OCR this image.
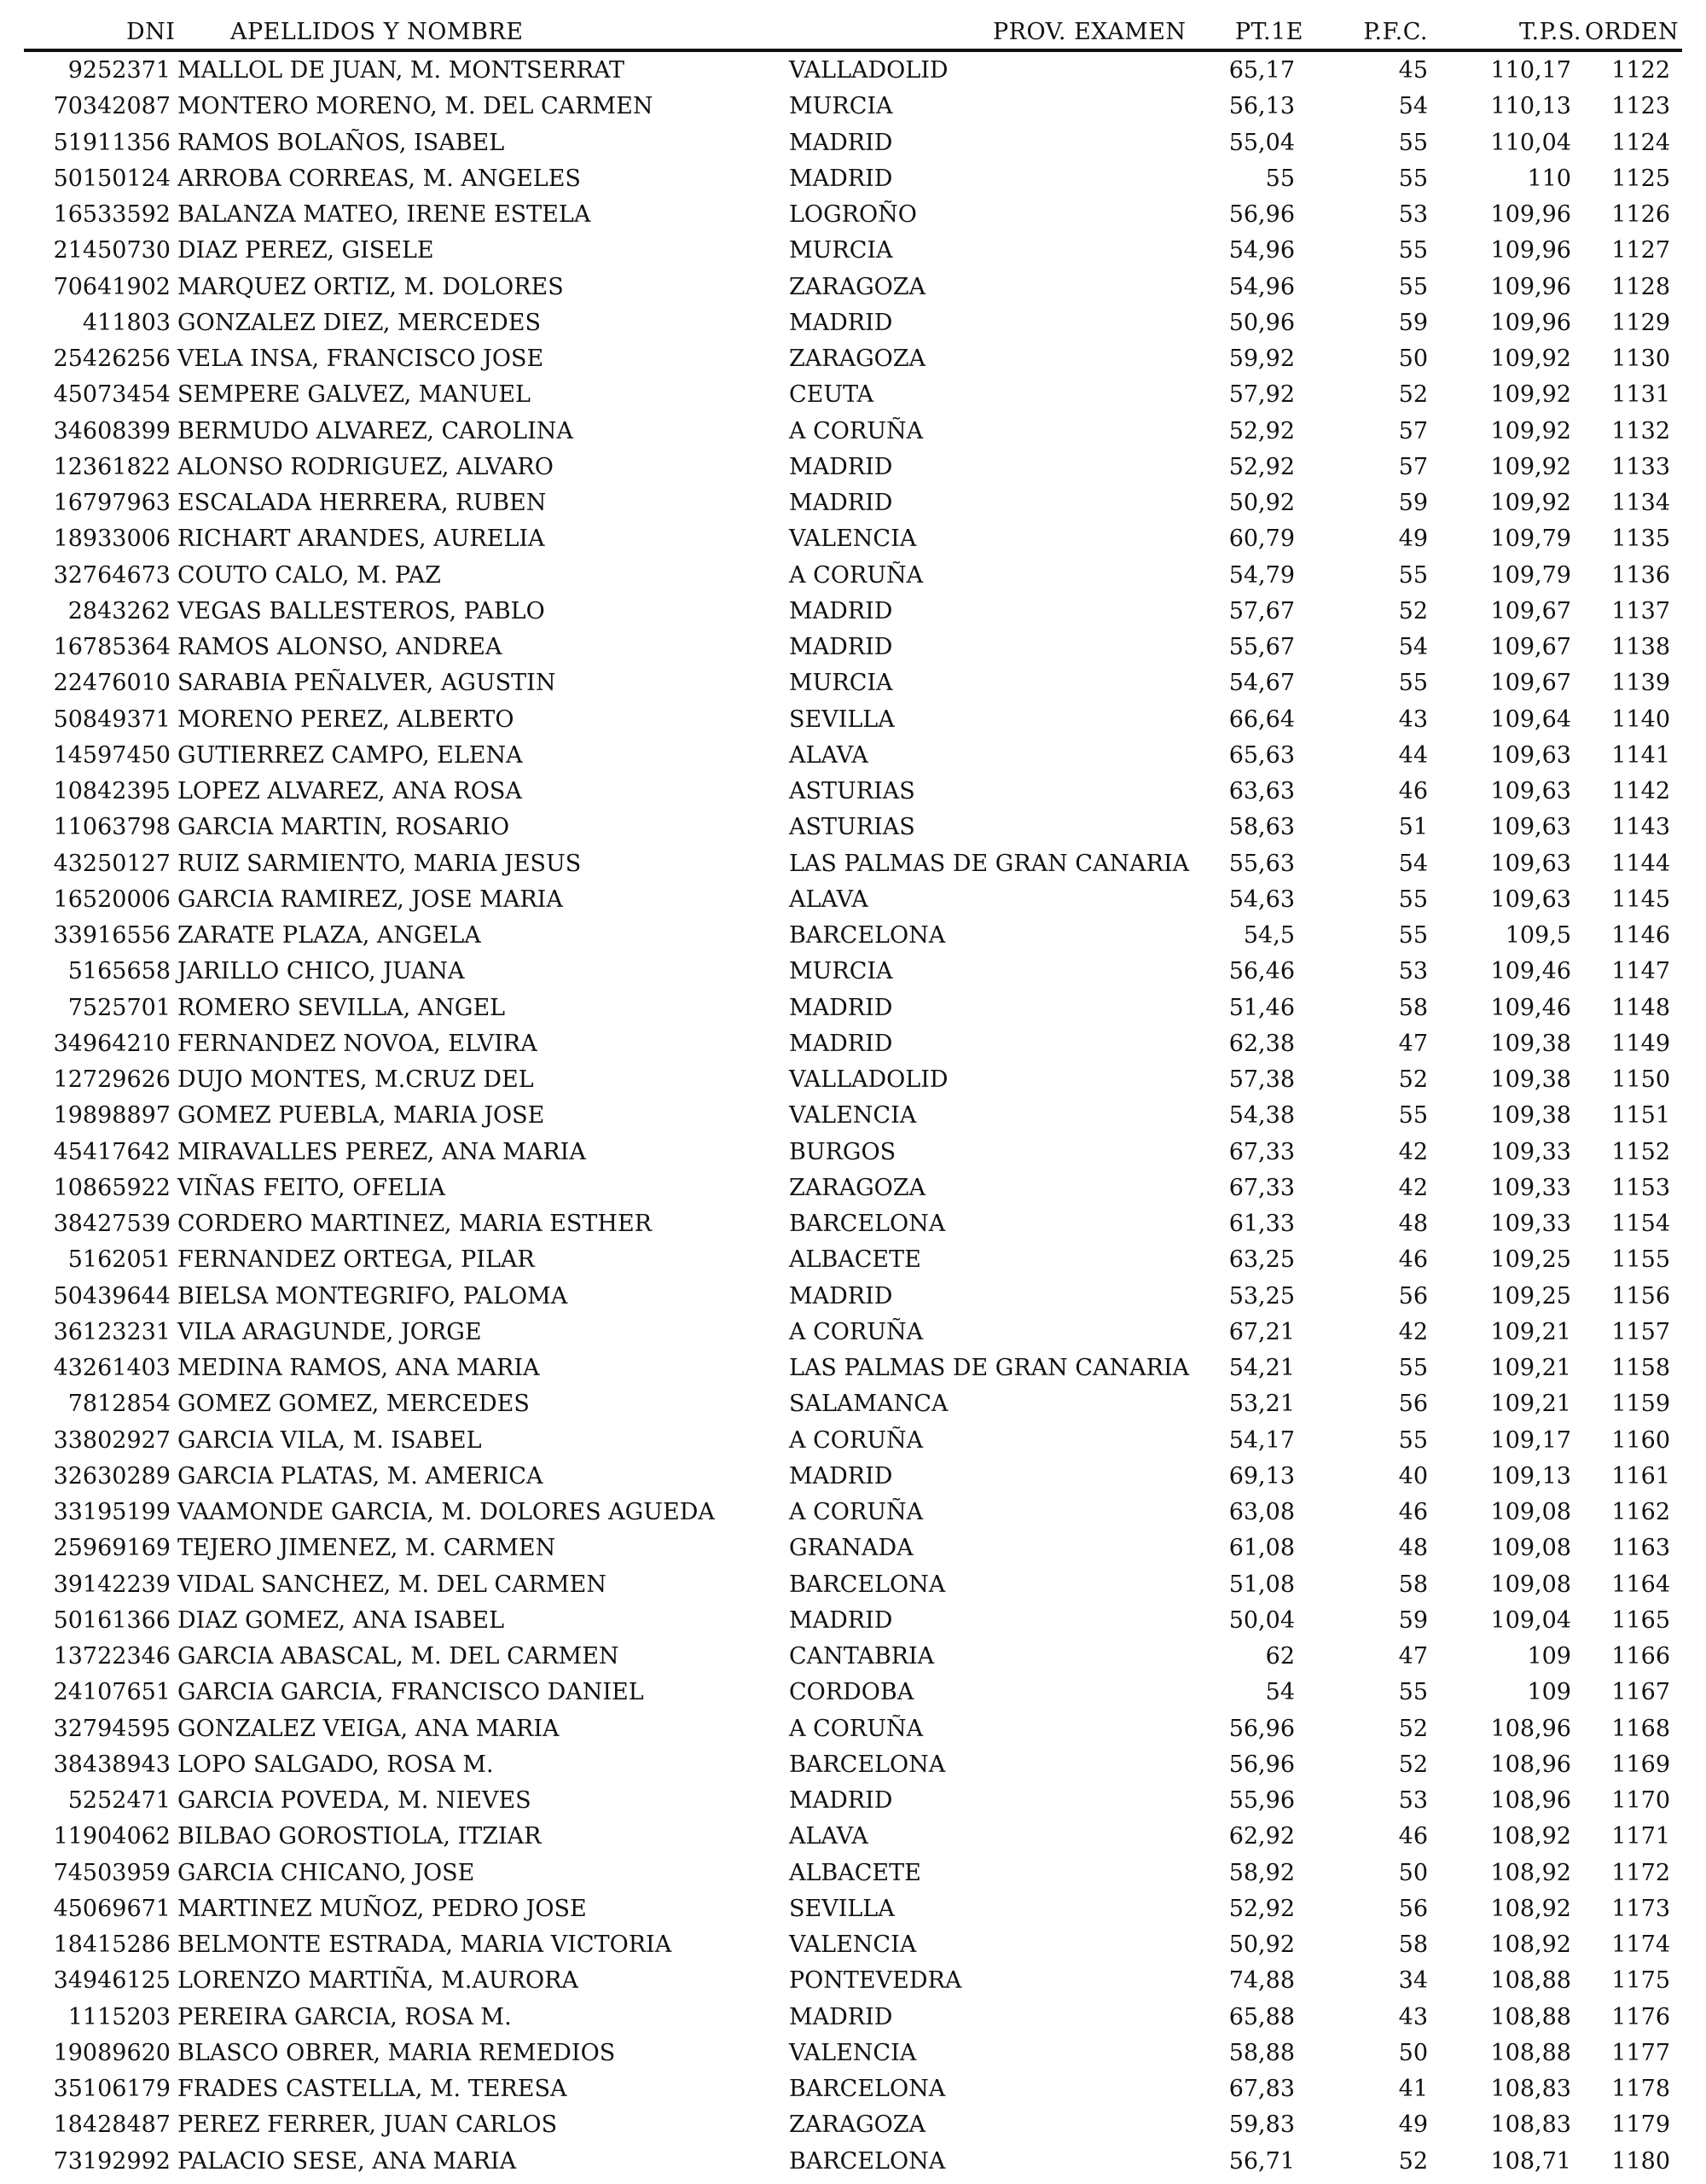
DNI APELLIDOS Y NOMBRE	PROV. EXAMEN	PT.1E	P.F.C.	T.P.S. ORDEN
9252371 MALLOL DE JUAN, M. MONTSERRAT	VALLADOLID	65,17	45	110,17	1122
70342087 MONTERO MORENO, M. DEL CARMEN	MURCIA	56,13	54	110,13	1123
51911356 RAMOS BOLAÑOS, ISABEL	MADRID	55,04	55	110,04	1124
50150124 ARROBA CORREAS, M. ANGELES	MADRID	55	55	110	1125
16533592 BALANZA MATEO, IRENE ESTELA	LOGROÑO	56,96	53	109,96	1126
21450730 DIAZ PEREZ, GISELE	MURCIA	54,96	55	109,96	1127
70641902 MARQUEZ ORTIZ, M. DOLORES	ZARAGOZA	54,96	55	109,96	1128
411803 GONZALEZ DIEZ, MERCEDES	MADRID	50,96	59	109,96	1129
25426256 VELA INSA, FRANCISCO JOSE	ZARAGOZA	59,92	50	109,92	1130
45073454 SEMPERE GALVEZ, MANUEL	CEUTA	57,92	52	109,92	1131
34608399 BERMUDO ALVAREZ, CAROLINA	A CORUÑA	52,92	57	109,92	1132
12361822 ALONSO RODRIGUEZ, ALVARO	MADRID	52,92	57	109,92	1133
16797963 ESCALADA HERRERA, RUBEN	MADRID	50,92	59	109,92	1134
18933006 RICHART ARANDES, AURELIA	VALENCIA	60,79	49	109,79	1135
32764673 COUTO CALO, M. PAZ	A CORUÑA	54,79	55	109,79	1136
2843262 VEGAS BALLESTEROS, PABLO	MADRID	57,67	52	109,67	1137
16785364 RAMOS ALONSO, ANDREA	MADRID	55,67	54	109,67	1138
22476010 SARABIA PEÑALVER, AGUSTIN	MURCIA	54,67	55	109,67	1139
50849371 MORENO PEREZ, ALBERTO	SEVILLA	66,64	43	109,64	1140
14597450 GUTIERREZ CAMPO, ELENA	ALAVA	65,63	44	109,63	1141
10842395 LOPEZ ALVAREZ, ANA ROSA	ASTURIAS	63,63	46	109,63	1142
11063798 GARCIA MARTIN, ROSARIO	ASTURIAS	58,63	51	109,63	1143
43250127 RUIZ SARMIENTO, MARIA JESUS	LAS PALMAS DE GRAN CANARIA	55,63	54	109,63	1144
16520006 GARCIA RAMIREZ, JOSE MARIA	ALAVA	54,63	55	109,63	1145
33916556 ZARATE PLAZA, ANGELA	BARCELONA	54,5	55	109,5	1146
5165658 JARILLO CHICO, JUANA	MURCIA	56,46	53	109,46	1147
7525701 ROMERO SEVILLA, ANGEL	MADRID	51,46	58	109,46	1148
34964210 FERNANDEZ NOVOA, ELVIRA	MADRID	62,38	47	109,38	1149
12729626 DUJO MONTES, M.CRUZ DEL	VALLADOLID	57,38	52	109,38	1150
19898897 GOMEZ PUEBLA, MARIA JOSE	VALENCIA	54,38	55	109,38	1151
45417642 MIRAVALLES PEREZ, ANA MARIA	BURGOS	67,33	42	109,33	1152
10865922 VIÑAS FEITO, OFELIA	ZARAGOZA	67,33	42	109,33	1153
38427539 CORDERO MARTINEZ, MARIA ESTHER	BARCELONA	61,33	48	109,33	1154
5162051 FERNANDEZ ORTEGA, PILAR	ALBACETE	63,25	46	109,25	1155
50439644 BIELSA MONTEGRIFO, PALOMA	MADRID	53,25	56	109,25	1156
36123231 VILA ARAGUNDE, JORGE	A CORUÑA	67,21	42	109,21	1157
43261403 MEDINA RAMOS, ANA MARIA	LAS PALMAS DE GRAN CANARIA	54,21	55	109,21	1158
7812854 GOMEZ GOMEZ, MERCEDES	SALAMANCA	53,21	56	109,21	1159
33802927 GARCIA VILA, M. ISABEL	A CORUÑA	54,17	55	109,17	1160
32630289 GARCIA PLATAS, M. AMERICA	MADRID	69,13	40	109,13	1161
33195199 VAAMONDE GARCIA, M. DOLORES AGUEDA	A CORUÑA	63,08	46	109,08	1162
25969169 TEJERO JIMENEZ, M. CARMEN	GRANADA	61,08	48	109,08	1163
39142239 VIDAL SANCHEZ, M. DEL CARMEN	BARCELONA	51,08	58	109,08	1164
50161366 DIAZ GOMEZ, ANA ISABEL	MADRID	50,04	59	109,04	1165
13722346 GARCIA ABASCAL, M. DEL CARMEN	CANTABRIA	62	47	109	1166
24107651 GARCIA GARCIA, FRANCISCO DANIEL	CORDOBA	54	55	109	1167
32794595 GONZALEZ VEIGA, ANA MARIA	A CORUÑA	56,96	52	108,96	1168
38438943 LOPO SALGADO, ROSA M.	BARCELONA	56,96	52	108,96	1169
5252471 GARCIA POVEDA, M. NIEVES	MADRID	55,96	53	108,96	1170
11904062 BILBAO GOROSTIOLA, ITZIAR	ALAVA	62,92	46	108,92	1171
74503959 GARCIA CHICANO, JOSE	ALBACETE	58,92	50	108,92	1172
45069671 MARTINEZ MUÑOZ, PEDRO JOSE	SEVILLA	52,92	56	108,92	1173
18415286 BELMONTE ESTRADA, MARIA VICTORIA	VALENCIA	50,92	58	108,92	1174
34946125 LORENZO MARTIÑA, M.AURORA	PONTEVEDRA	74,88	34	108,88	1175
1115203 PEREIRA GARCIA, ROSA M.	MADRID	65,88	43	108,88	1176
19089620 BLASCO OBRER, MARIA REMEDIOS	VALENCIA	58,88	50	108,88	1177
35106179 FRADES CASTELLA, M. TERESA	BARCELONA	67,83	41	108,83	1178
18428487 PEREZ FERRER, JUAN CARLOS	ZARAGOZA	59,83	49	108,83	1179
73192992 PALACIO SESE, ANA MARIA	BARCELONA	56,71	52	108,71	1180
